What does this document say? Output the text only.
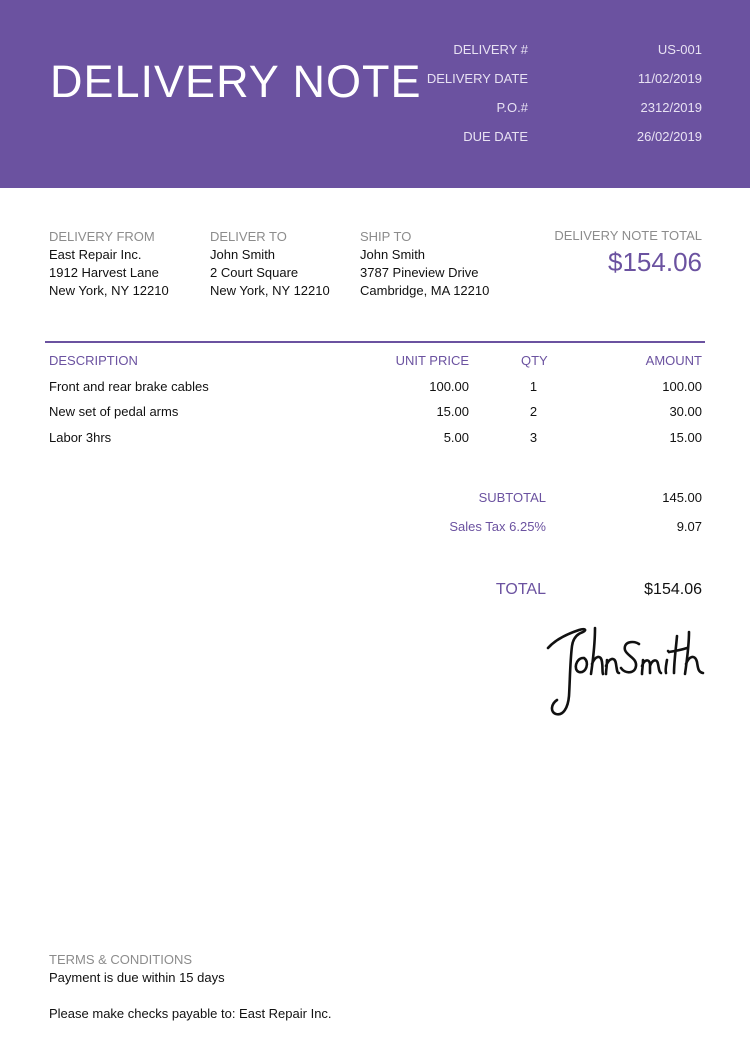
DELIVERY NOTE
DELIVERY #	US-001
DELIVERY DATE	11/02/2019
P.O.#	2312/2019
DUE DATE	26/02/2019
DELIVERY FROM
East Repair Inc.
1912 Harvest Lane
New York, NY 12210
DELIVER TO
John Smith
2 Court Square
New York, NY 12210
SHIP TO
John Smith
3787 Pineview Drive
Cambridge, MA 12210
DELIVERY NOTE TOTAL
$154.06
DESCRIPTION	UNIT PRICE	QTY	AMOUNT
Front and rear brake cables	100.00	1	100.00
New set of pedal arms	15.00	2	30.00
Labor 3hrs	5.00	3	15.00
SUBTOTAL	145.00
Sales Tax 6.25%	9.07
TOTAL	$154.06
TERMS & CONDITIONS
Payment is due within 15 days
Please make checks payable to: East Repair Inc.
